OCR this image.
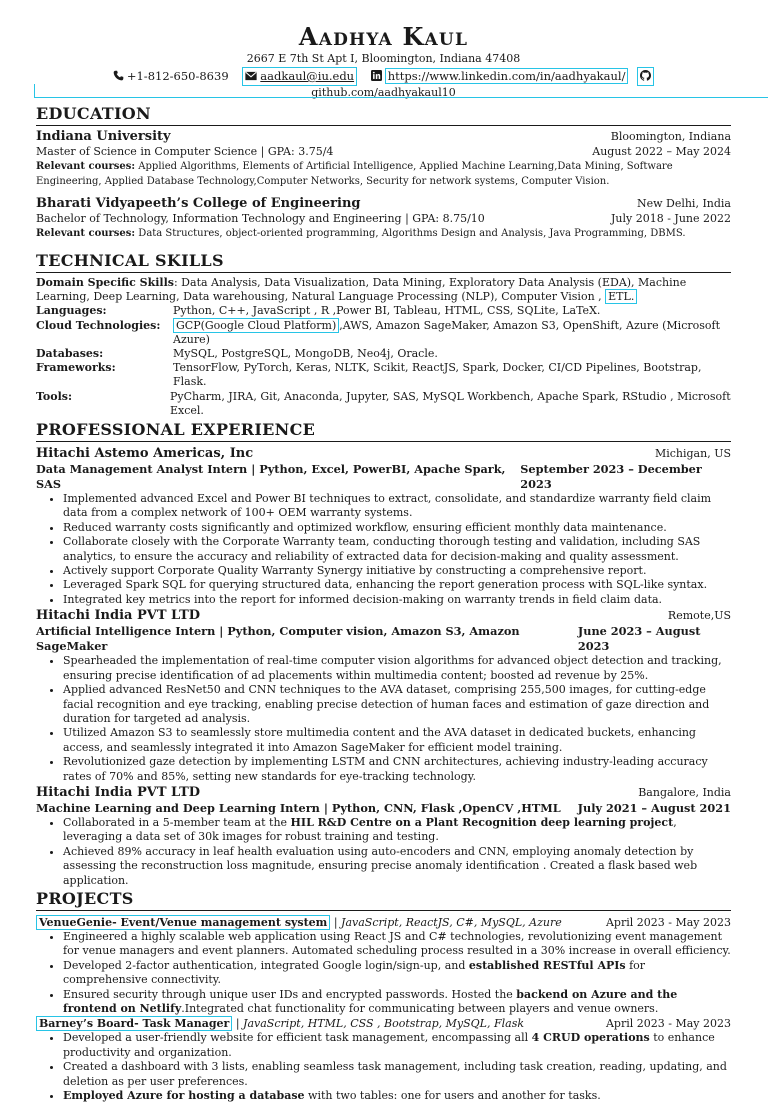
Aadhya Kaul
2667 E 7th St Apt I, Bloomington, Indiana 47408
+1-812-650-8639	aadkaul@iu.edu	https://www.linkedin.com/in/aadhyakaul/
github.com/aadhyakaul10
EDUCATION
Indiana University	Bloomington, Indiana
Master of Science in Computer Science | GPA: 3.75/4	August 2022 – May 2024
Relevant courses: Applied Algorithms, Elements of Artificial Intelligence, Applied Machine Learning,Data Mining, Software Engineering, Applied Database Technology,Computer Networks, Security for network systems, Computer Vision.
Bharati Vidyapeeth’s College of Engineering	New Delhi, India
Bachelor of Technology, Information Technology and Engineering | GPA: 8.75/10	July 2018 - June 2022
Relevant courses: Data Structures, object-oriented programming, Algorithms Design and Analysis, Java Programming, DBMS.
TECHNICAL SKILLS
Domain Specific Skills: Data Analysis, Data Visualization, Data Mining, Exploratory Data Analysis (EDA), Machine Learning, Deep Learning, Data warehousing, Natural Language Processing (NLP), Computer Vision , ETL.
Languages:	Python, C++, JavaScript , R ,Power BI, Tableau, HTML, CSS, SQLite, LaTeX.
Cloud Technologies:	GCP(Google Cloud Platform) ,AWS, Amazon SageMaker, Amazon S3, OpenShift, Azure (Microsoft Azure)
Databases:	MySQL, PostgreSQL, MongoDB, Neo4j, Oracle.
Frameworks:	TensorFlow, PyTorch, Keras, NLTK, Scikit, ReactJS, Spark, Docker, CI/CD Pipelines, Bootstrap, Flask.
Tools:	PyCharm, JIRA, Git, Anaconda, Jupyter, SAS, MySQL Workbench, Apache Spark, RStudio , Microsoft Excel.
PROFESSIONAL EXPERIENCE
Hitachi Astemo Americas, Inc	Michigan, US
Data Management Analyst Intern | Python, Excel, PowerBI, Apache Spark, SAS
September 2023 – December 2023
• Implemented advanced Excel and Power BI techniques to extract, consolidate, and standardize warranty field claim data from a complex network of 100+ OEM warranty systems.
• Reduced warranty costs significantly and optimized workflow, ensuring efficient monthly data maintenance.
• Collaborate closely with the Corporate Warranty team, conducting thorough testing and validation, including SAS analytics, to ensure the accuracy and reliability of extracted data for decision-making and quality assessment.
• Actively support Corporate Quality Warranty Synergy initiative by constructing a comprehensive report.
• Leveraged Spark SQL for querying structured data, enhancing the report generation process with SQL-like syntax.
• Integrated key metrics into the report for informed decision-making on warranty trends in field claim data.
Hitachi India PVT LTD	Remote,US
Artificial Intelligence Intern | Python, Computer vision, Amazon S3, Amazon SageMaker
June 2023 – August 2023
• Spearheaded the implementation of real-time computer vision algorithms for advanced object detection and tracking, ensuring precise identification of ad placements within multimedia content; boosted ad revenue by 25%.
• Applied advanced ResNet50 and CNN techniques to the AVA dataset, comprising 255,500 images, for cutting-edge facial recognition and eye tracking, enabling precise detection of human faces and estimation of gaze direction and duration for targeted ad analysis.
• Utilized Amazon S3 to seamlessly store multimedia content and the AVA dataset in dedicated buckets, enhancing access, and seamlessly integrated it into Amazon SageMaker for efficient model training.
• Revolutionized gaze detection by implementing LSTM and CNN architectures, achieving industry-leading accuracy rates of 70% and 85%, setting new standards for eye-tracking technology.
Hitachi India PVT LTD	Bangalore, India
Machine Learning and Deep Learning Intern | Python, CNN, Flask ,OpenCV ,HTML July 2021 – August 2021
• Collaborated in a 5-member team at the HIL R&D Centre on a Plant Recognition deep learning project, leveraging a data set of 30k images for robust training and testing.
• Achieved 89% accuracy in leaf health evaluation using auto-encoders and CNN, employing anomaly detection by assessing the reconstruction loss magnitude, ensuring precise anomaly identification . Created a flask based web application.
PROJECTS
VenueGenie- Event/Venue management system | JavaScript, ReactJS, C#, MySQL, Azure	April 2023 - May 2023
• Engineered a highly scalable web application using React JS and C# technologies, revolutionizing event management for venue managers and event planners. Automated scheduling process resulted in a 30% increase in overall efficiency.
• Developed 2-factor authentication, integrated Google login/sign-up, and established RESTful APIs for comprehensive connectivity.
• Ensured security through unique user IDs and encrypted passwords. Hosted the backend on Azure and the frontend on Netlify.Integrated chat functionality for communicating between players and venue owners.
Barney’s Board- Task Manager | JavaScript, HTML, CSS , Bootstrap, MySQL, Flask	April 2023 - May 2023
• Developed a user-friendly website for efficient task management, encompassing all 4 CRUD operations to enhance productivity and organization.
• Created a dashboard with 3 lists, enabling seamless task management, including task creation, reading, updating, and deletion as per user preferences.
• Employed Azure for hosting a database with two tables: one for users and another for tasks.
